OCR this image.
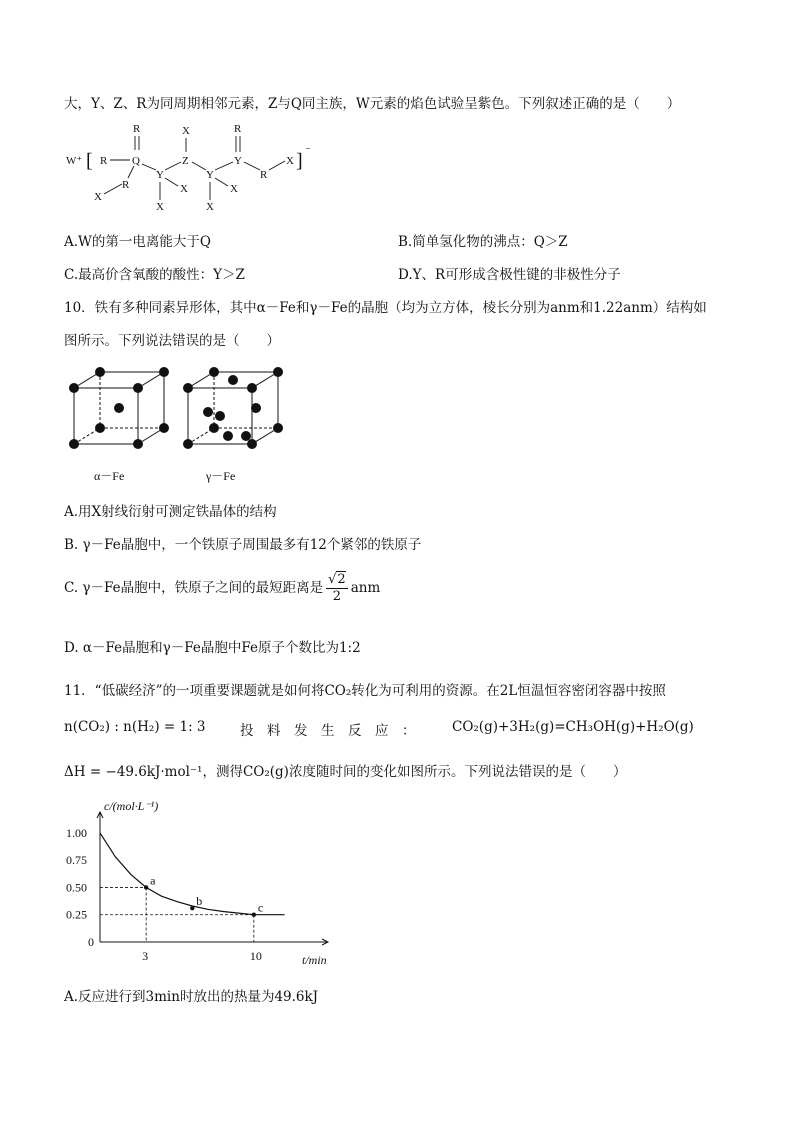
大，Y、Z、R为同周期相邻元素，Z与Q同主族，W元素的焰色试验呈紫色。下列叙述正确的是（　　）
W⁺ [	] ⁻
R
Q
R
R
X
Y
X
X
Z
X
Y
X
X
R
Y
R
X
A.W的第一电离能大于Q	B.简单氢化物的沸点：Q＞Z
C.最高价含氧酸的酸性：Y＞Z	D.Y、R可形成含极性键的非极性分子
10．铁有多种同素异形体，其中α－Fe和γ－Fe的晶胞（均为立方体，棱长分别为anm和1.22anm）结构如
图所示。下列说法错误的是（　　）
α－Fe	γ－Fe
A.用X射线衍射可测定铁晶体的结构
B. γ－Fe晶胞中，一个铁原子周围最多有12个紧邻的铁原子
C. γ－Fe晶胞中，铁原子之间的最短距离是 $\frac{√2}{2}$ anm
D. α－Fe晶胞和γ－Fe晶胞中Fe原子个数比为1:2
11．“低碳经济”的一项重要课题就是如何将CO₂转化为可利用的资源。在2L恒温恒容密闭容器中按照
n(CO₂) : n(H₂) = 1: 3	投　料　发　生　反　应　：	CO₂(g)+3H₂(g)=CH₃OH(g)+H₂O(g)
ΔH = −49.6kJ·mol⁻¹，测得CO₂(g)浓度随时间的变化如图所示。下列说法错误的是（　　）
c/(mol·L⁻¹)
t/min
1.00
0.75
0.50
0.25
0
3	10
a
b	c
A.反应进行到3min时放出的热量为49.6kJ
